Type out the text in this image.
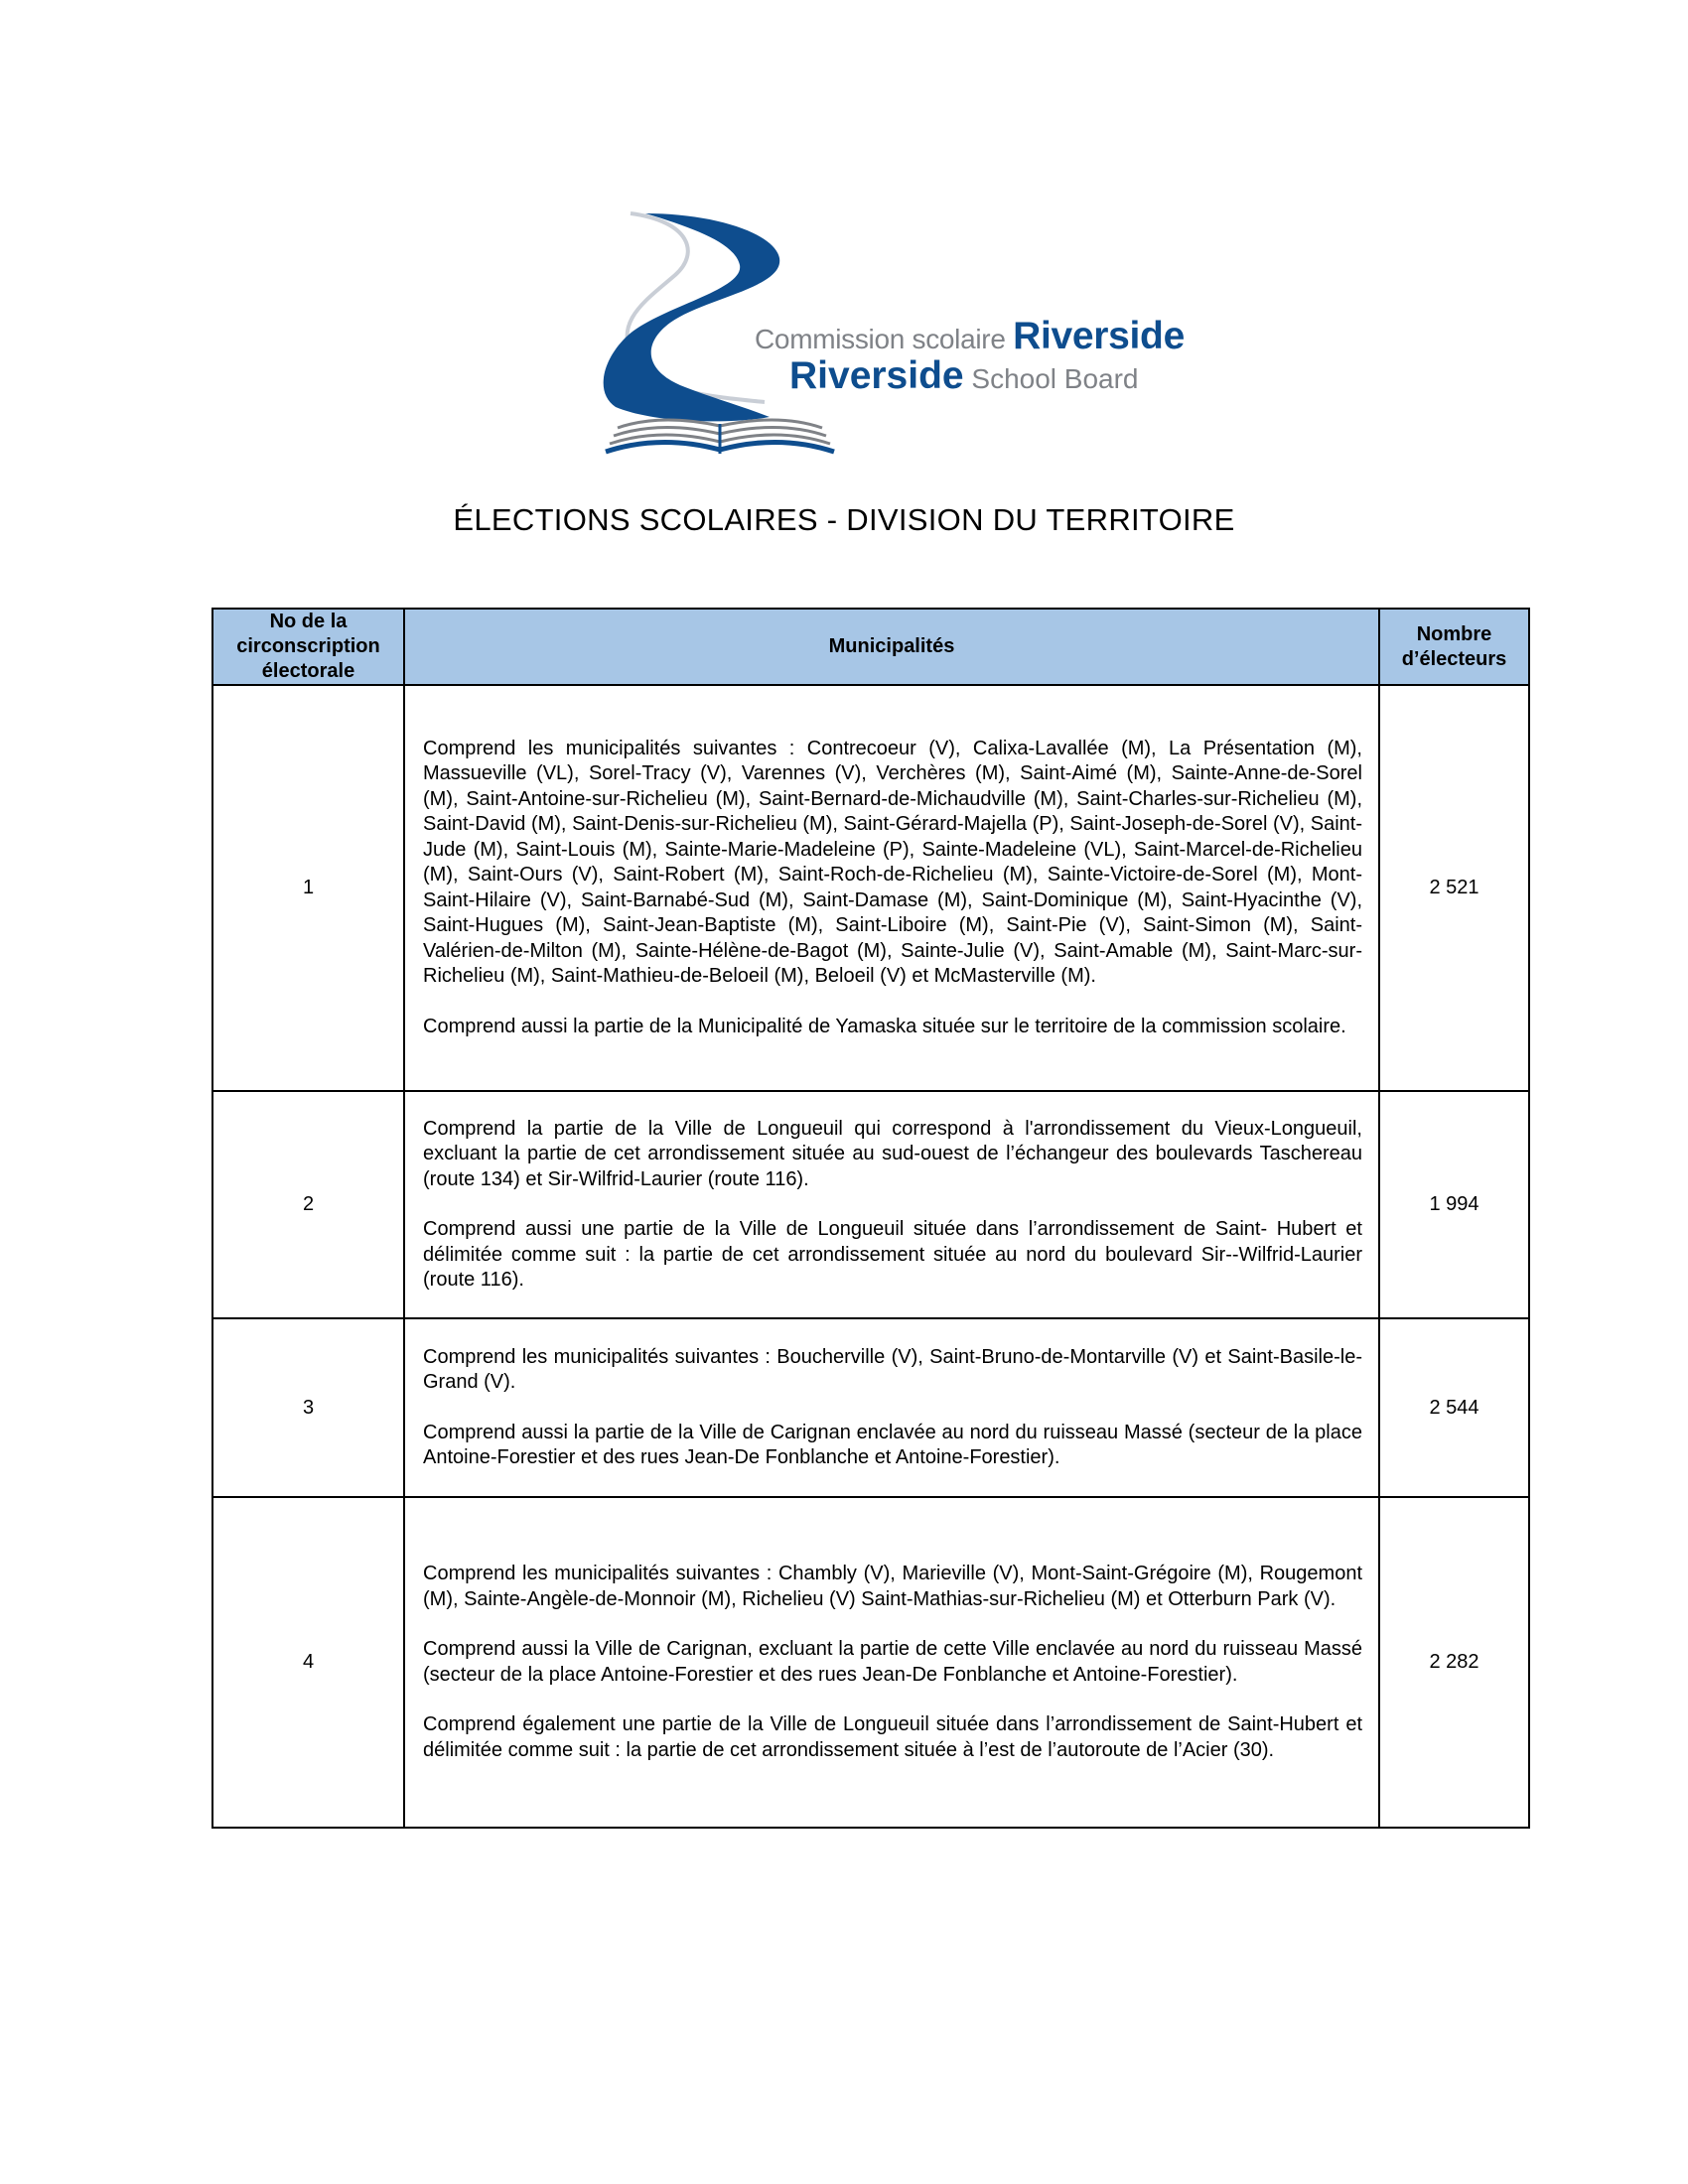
Commission scolaire Riverside
Riverside School Board
ÉLECTIONS SCOLAIRES - DIVISION DU TERRITOIRE
No de la circonscription électorale	Municipalités	Nombre d’électeurs
1	Comprend les municipalités suivantes : Contrecoeur (V), Calixa-Lavallée (M), La Présentation (M), Massueville (VL), Sorel-Tracy (V), Varennes (V), Verchères (M), Saint-Aimé (M), Sainte-Anne-de-Sorel (M), Saint-Antoine-sur-Richelieu (M), Saint-Bernard-de-Michaudville (M), Saint-Charles-sur-Richelieu (M), Saint-David (M), Saint-Denis-sur-Richelieu (M), Saint-Gérard-Majella (P), Saint-Joseph-de-Sorel (V), Saint-Jude (M), Saint-Louis (M), Sainte-Marie-Madeleine (P), Sainte-Madeleine (VL), Saint-Marcel-de-Richelieu (M), Saint-Ours (V), Saint-Robert (M), Saint-Roch-de-Richelieu (M), Sainte-Victoire-de-Sorel (M), Mont-Saint-Hilaire (V), Saint-Barnabé-Sud (M), Saint-Damase (M), Saint-Dominique (M), Saint-Hyacinthe (V), Saint-Hugues (M), Saint-Jean-Baptiste (M), Saint-Liboire (M), Saint-Pie (V), Saint-Simon (M), Saint-Valérien-de-Milton (M), Sainte-Hélène-de-Bagot (M), Sainte-Julie (V), Saint-Amable (M), Saint-Marc-sur-Richelieu (M), Saint-Mathieu-de-Beloeil (M), Beloeil (V) et McMasterville (M).

Comprend aussi la partie de la Municipalité de Yamaska située sur le territoire de la commission scolaire.	2 521
2	Comprend la partie de la Ville de Longueuil qui correspond à l'arrondissement du Vieux-Longueuil, excluant la partie de cet arrondissement située au sud-ouest de l’échangeur des boulevards Taschereau (route 134) et Sir-Wilfrid-Laurier (route 116).

Comprend aussi une partie de la Ville de Longueuil située dans l’arrondissement de Saint- Hubert et délimitée comme suit : la partie de cet arrondissement située au nord du boulevard Sir-‑Wilfrid-Laurier (route 116).	1 994
3	Comprend les municipalités suivantes : Boucherville (V), Saint-Bruno-de-Montarville (V) et Saint-Basile-le-Grand (V).

Comprend aussi la partie de la Ville de Carignan enclavée au nord du ruisseau Massé (secteur de la place Antoine-Forestier et des rues Jean-De Fonblanche et Antoine-Forestier).	2 544
4	Comprend les municipalités suivantes : Chambly (V), Marieville (V), Mont-Saint-Grégoire (M), Rougemont (M), Sainte-Angèle-de-Monnoir (M), Richelieu (V) Saint-Mathias-sur-Richelieu (M) et Otterburn Park (V).

Comprend aussi la Ville de Carignan, excluant la partie de cette Ville enclavée au nord du ruisseau Massé (secteur de la place Antoine-Forestier et des rues Jean-De Fonblanche et Antoine-Forestier).

Comprend également une partie de la Ville de Longueuil située dans l’arrondissement de Saint-Hubert et délimitée comme suit : la partie de cet arrondissement située à l’est de l’autoroute de l’Acier (30).	2 282
